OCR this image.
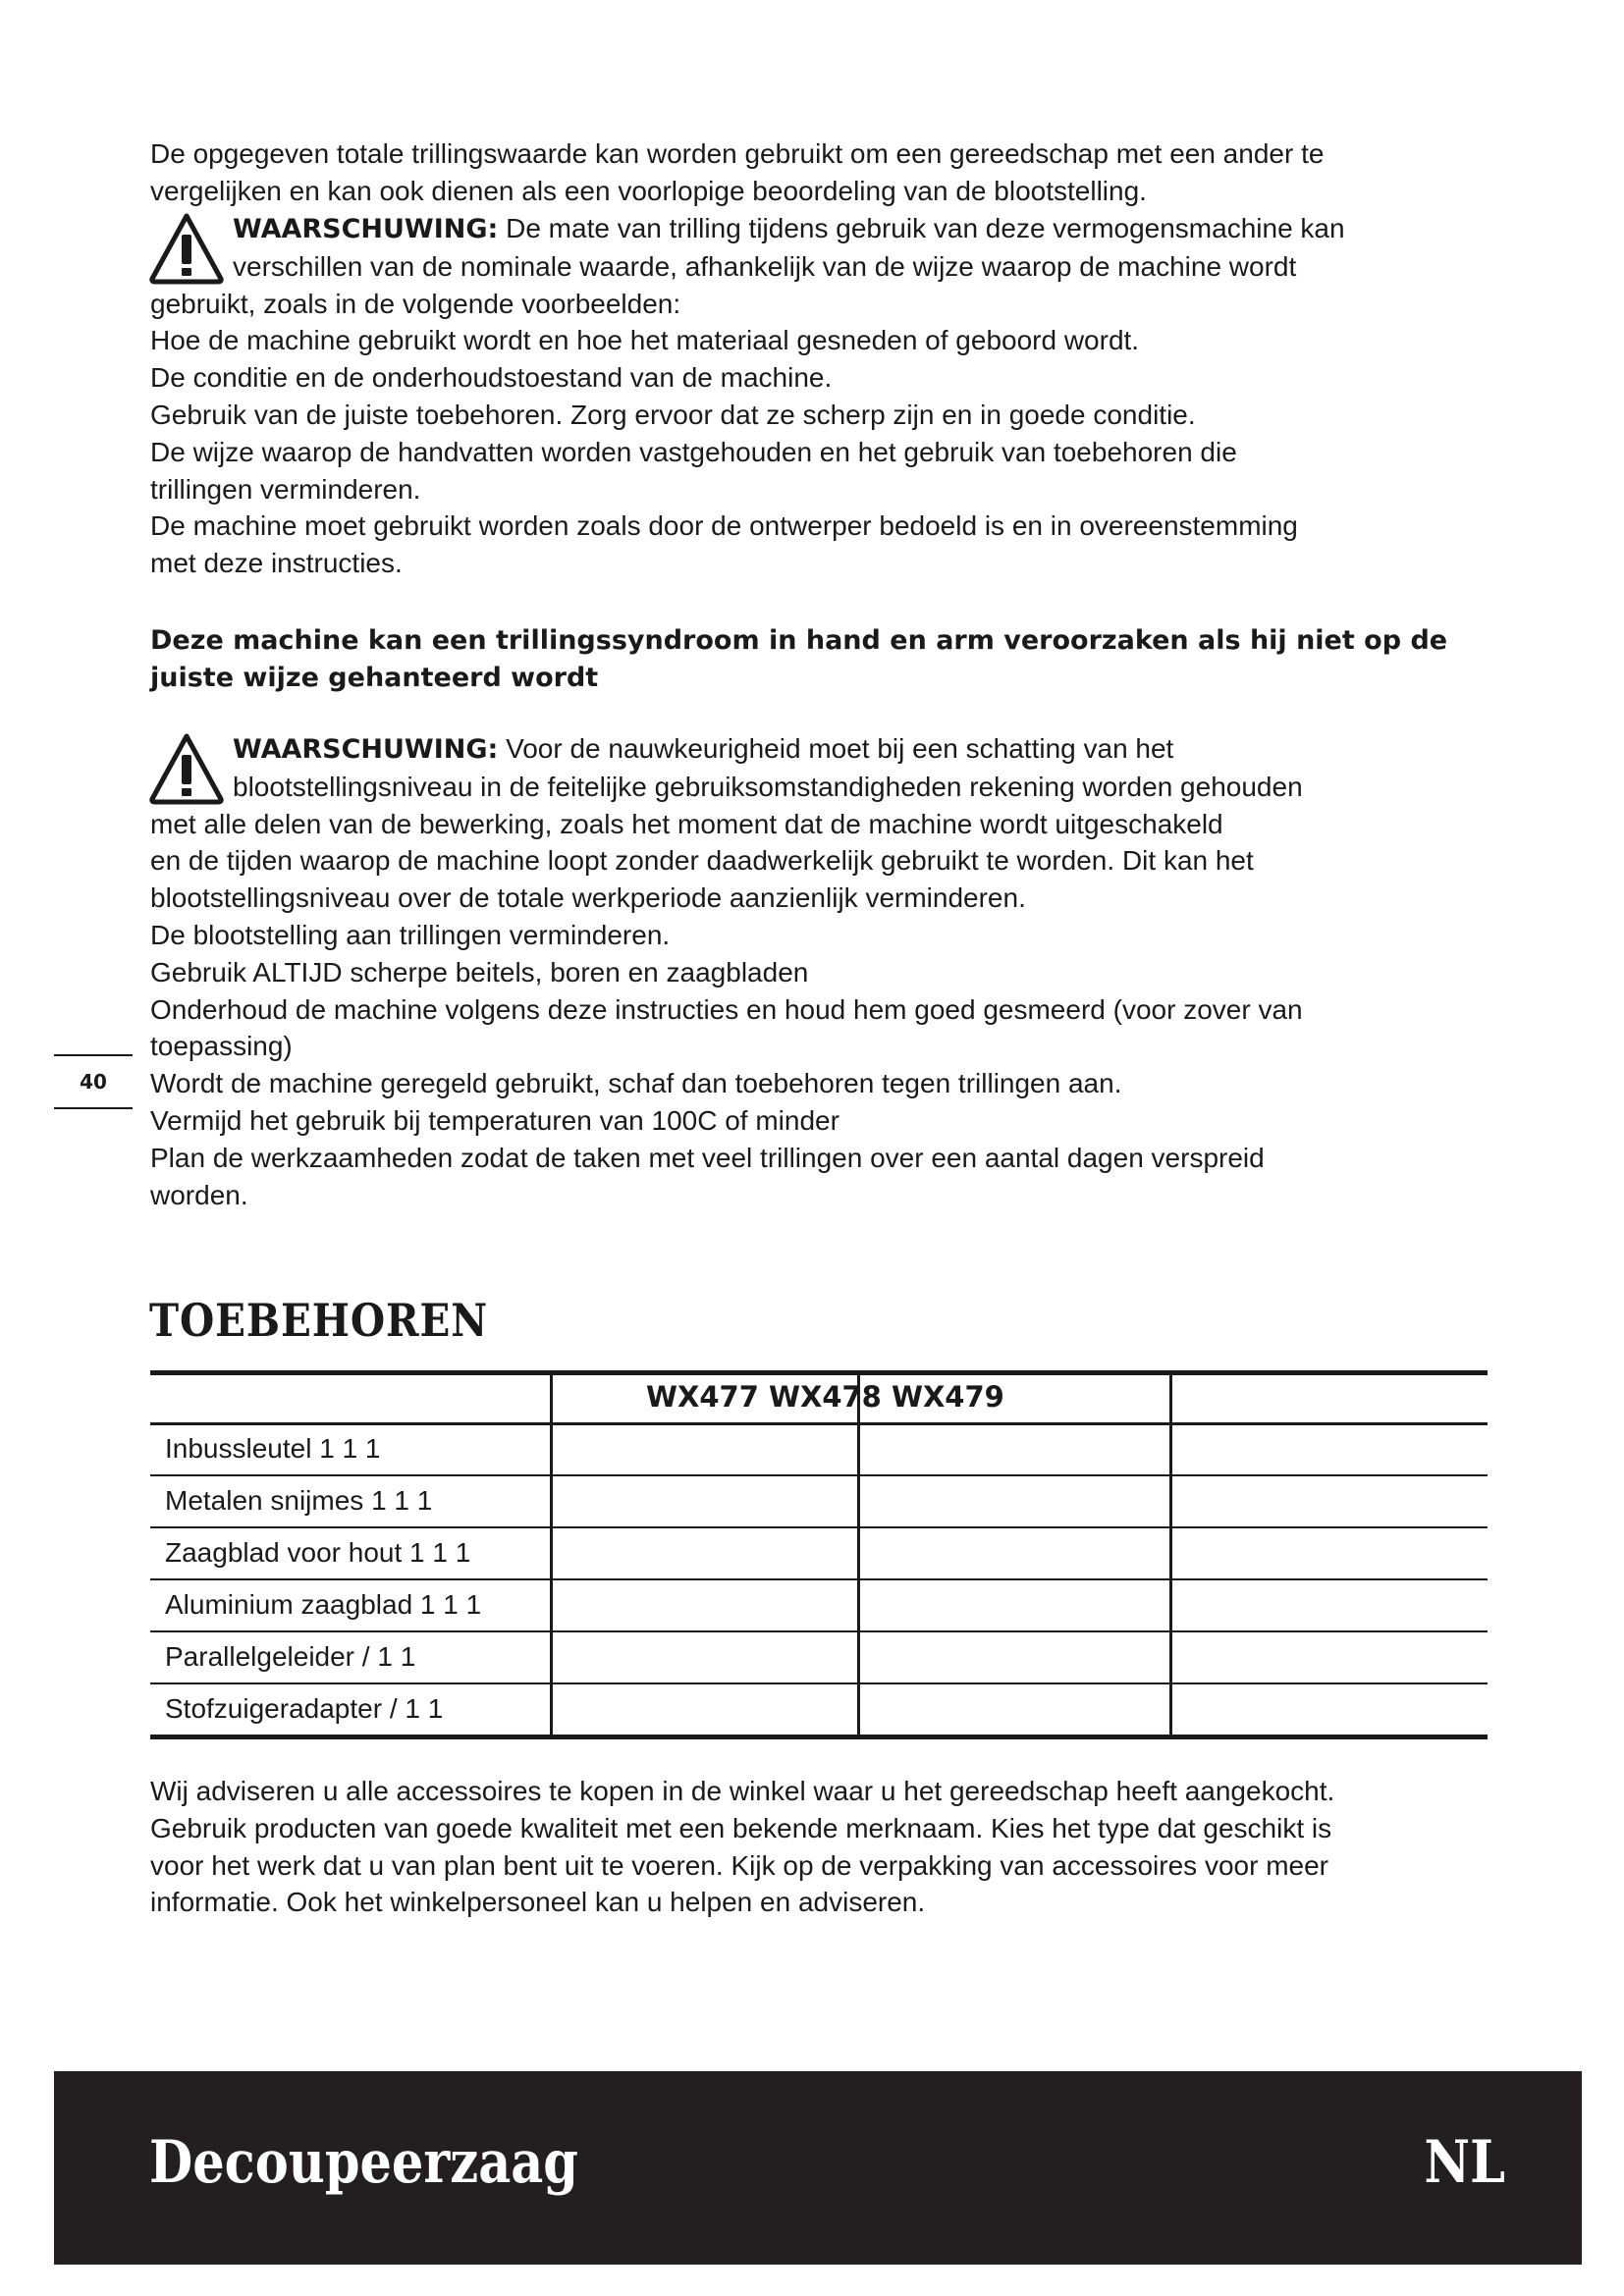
De opgegeven totale trillingswaarde kan worden gebruikt om een gereedschap met een ander te
vergelijken en kan ook dienen als een voorlopige beoordeling van de blootstelling.
WAARSCHUWING: De mate van trilling tijdens gebruik van deze vermogensmachine kan
verschillen van de nominale waarde, afhankelijk van de wijze waarop de machine wordt
gebruikt, zoals in de volgende voorbeelden:
Hoe de machine gebruikt wordt en hoe het materiaal gesneden of geboord wordt.
De conditie en de onderhoudstoestand van de machine.
Gebruik van de juiste toebehoren. Zorg ervoor dat ze scherp zijn en in goede conditie.
De wijze waarop de handvatten worden vastgehouden en het gebruik van toebehoren die
trillingen verminderen.
De machine moet gebruikt worden zoals door de ontwerper bedoeld is en in overeenstemming
met deze instructies.
Deze machine kan een trillingssyndroom in hand en arm veroorzaken als hij niet op de
juiste wijze gehanteerd wordt
WAARSCHUWING: Voor de nauwkeurigheid moet bij een schatting van het
blootstellingsniveau in de feitelijke gebruiksomstandigheden rekening worden gehouden
met alle delen van de bewerking, zoals het moment dat de machine wordt uitgeschakeld
en de tijden waarop de machine loopt zonder daadwerkelijk gebruikt te worden. Dit kan het
blootstellingsniveau over de totale werkperiode aanzienlijk verminderen.
De blootstelling aan trillingen verminderen.
Gebruik ALTIJD scherpe beitels, boren en zaagbladen
Onderhoud de machine volgens deze instructies en houd hem goed gesmeerd (voor zover van
toepassing)
Wordt de machine geregeld gebruikt, schaf dan toebehoren tegen trillingen aan.
Vermijd het gebruik bij temperaturen van 100C of minder
Plan de werkzaamheden zodat de taken met veel trillingen over een aantal dagen verspreid
worden.
40
TOEBEHOREN
WX477 WX478 WX479
Inbussleutel 1 1 1
Metalen snijmes 1 1 1
Zaagblad voor hout 1 1 1
Aluminium zaagblad 1 1 1
Parallelgeleider / 1 1
Stofzuigeradapter / 1 1
Wij adviseren u alle accessoires te kopen in de winkel waar u het gereedschap heeft aangekocht.
Gebruik producten van goede kwaliteit met een bekende merknaam. Kies het type dat geschikt is
voor het werk dat u van plan bent uit te voeren. Kijk op de verpakking van accessoires voor meer
informatie. Ook het winkelpersoneel kan u helpen en adviseren.
Decoupeerzaag	NL
